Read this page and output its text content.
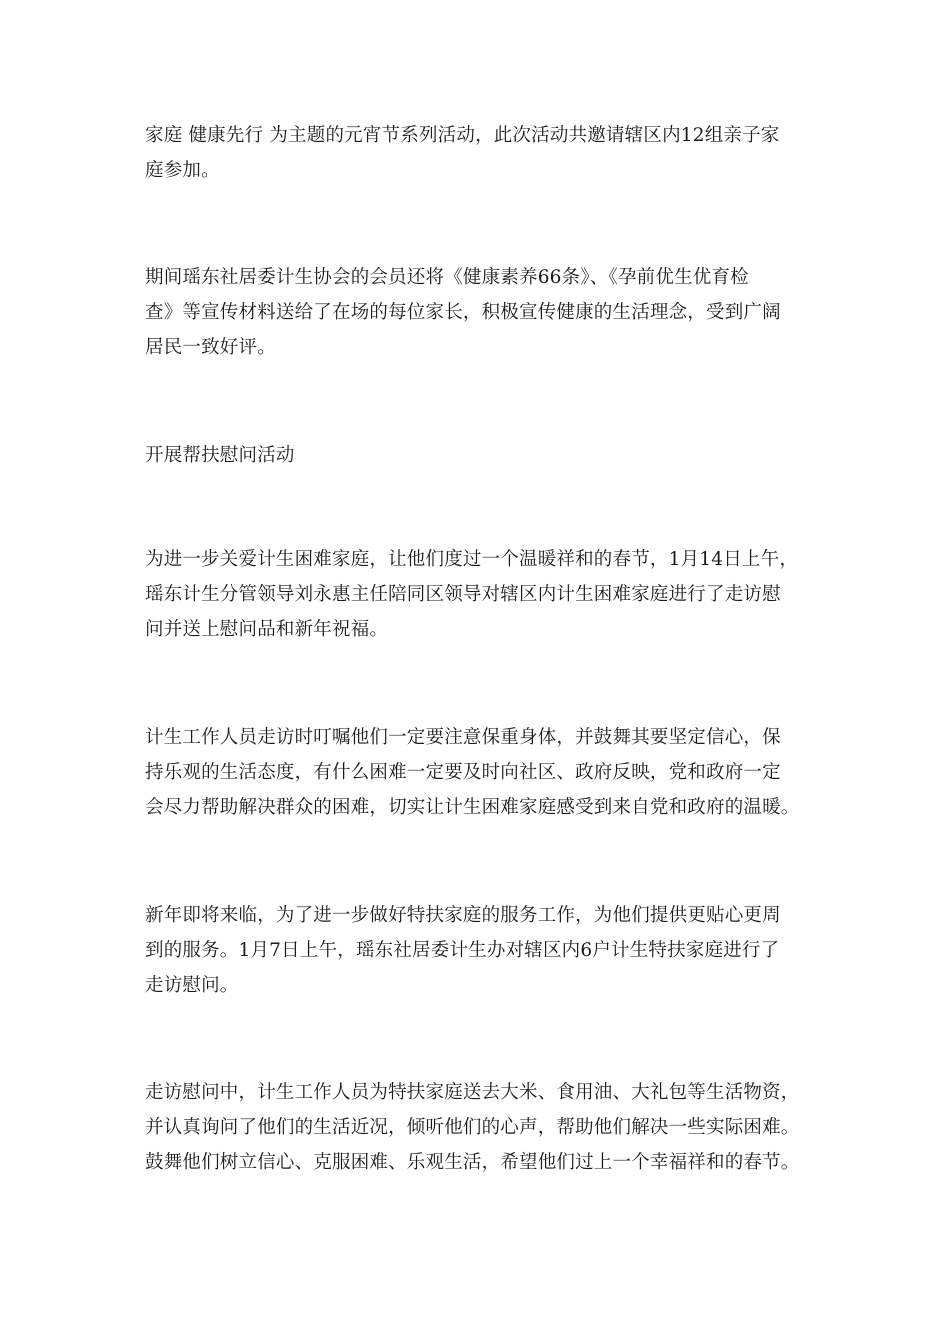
家庭 健康先行 为主题的元宵节系列活动，此次活动共邀请辖区内12组亲子家
庭参加。

期间瑶东社居委计生协会的会员还将《健康素养66条》、《孕前优生优育检
查》等宣传材料送给了在场的每位家长，积极宣传健康的生活理念，受到广阔
居民一致好评。

开展帮扶慰问活动

为进一步关爱计生困难家庭，让他们度过一个温暖祥和的春节，1月14日上午，
瑶东计生分管领导刘永惠主任陪同区领导对辖区内计生困难家庭进行了走访慰
问并送上慰问品和新年祝福。

计生工作人员走访时叮嘱他们一定要注意保重身体，并鼓舞其要坚定信心，保
持乐观的生活态度，有什么困难一定要及时向社区、政府反映，党和政府一定
会尽力帮助解决群众的困难，切实让计生困难家庭感受到来自党和政府的温暖。

新年即将来临，为了进一步做好特扶家庭的服务工作，为他们提供更贴心更周
到的服务。1月7日上午，瑶东社居委计生办对辖区内6户计生特扶家庭进行了
走访慰问。

走访慰问中，计生工作人员为特扶家庭送去大米、食用油、大礼包等生活物资，
并认真询问了他们的生活近况，倾听他们的心声，帮助他们解决一些实际困难。
鼓舞他们树立信心、克服困难、乐观生活，希望他们过上一个幸福祥和的春节。
